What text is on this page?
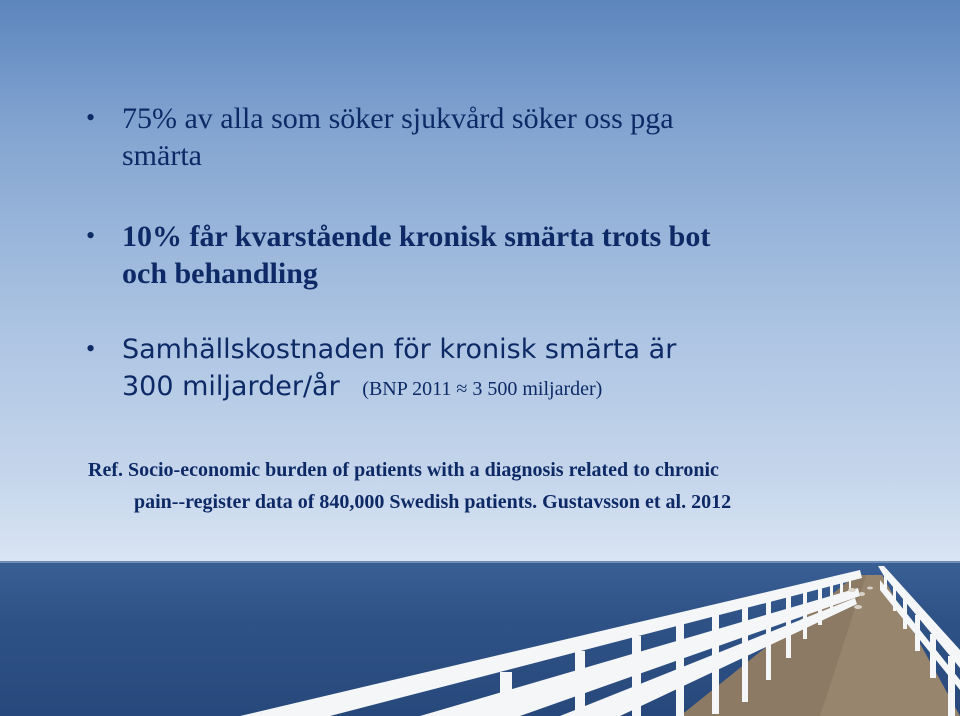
• 75% av alla som söker sjukvård söker oss pga
smärta
• 10% får kvarstående kronisk smärta trots bot
och behandling
• Samhällskostnaden för kronisk smärta är
300 miljarder/år (BNP 2011 ≈ 3 500 miljarder)
Ref. Socio-economic burden of patients with a diagnosis related to chronic
pain--register data of 840,000 Swedish patients. Gustavsson et al. 2012
